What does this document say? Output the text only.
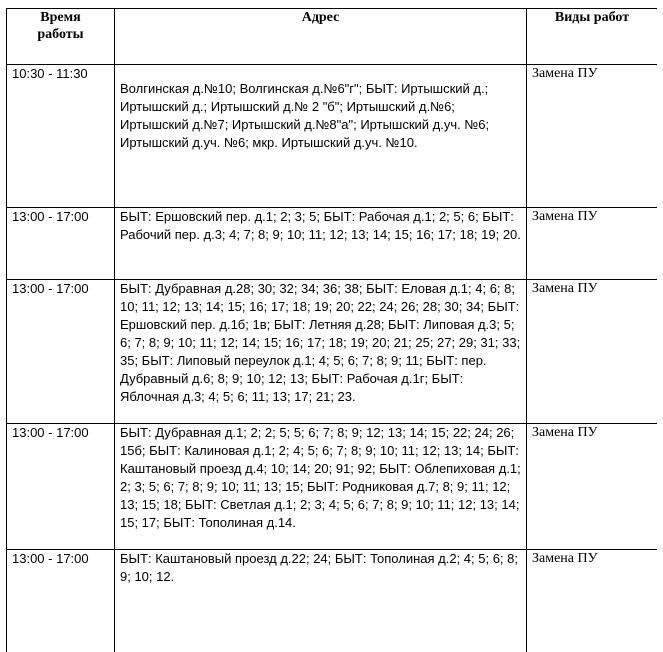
Время
работы	Адрес	Виды работ
10:30 - 11:30	Волгинская д.№10; Волгинская д.№6"г"; БЫТ: Иртышский д.; Иртышский д.; Иртышский д.№ 2 "б"; Иртышский д.№6; Иртышский д.№7; Иртышский д.№8"а"; Иртышский д.уч. №6; Иртышский д.уч. №6; мкр. Иртышский д.уч. №10.	Замена ПУ
13:00 - 17:00	БЫТ: Ершовский пер. д.1; 2; 3; 5; БЫТ: Рабочая д.1; 2; 5; 6; БЫТ: Рабочий пер. д.3; 4; 7; 8; 9; 10; 11; 12; 13; 14; 15; 16; 17; 18; 19; 20.	Замена ПУ
13:00 - 17:00	БЫТ: Дубравная д.28; 30; 32; 34; 36; 38; БЫТ: Еловая д.1; 4; 6; 8; 10; 11; 12; 13; 14; 15; 16; 17; 18; 19; 20; 22; 24; 26; 28; 30; 34; БЫТ: Ершовский пер. д.1б; 1в; БЫТ: Летняя д.28; БЫТ: Липовая д.3; 5; 6; 7; 8; 9; 10; 11; 12; 14; 15; 16; 17; 18; 19; 20; 21; 25; 27; 29; 31; 33; 35; БЫТ: Липовый переулок д.1; 4; 5; 6; 7; 8; 9; 11; БЫТ: пер. Дубравный д.6; 8; 9; 10; 12; 13; БЫТ: Рабочая д.1г; БЫТ: Яблочная д.3; 4; 5; 6; 11; 13; 17; 21; 23.	Замена ПУ
13:00 - 17:00	БЫТ: Дубравная д.1; 2; 2; 5; 5; 6; 7; 8; 9; 12; 13; 14; 15; 22; 24; 26; 15б; БЫТ: Калиновая д.1; 2; 4; 5; 6; 7; 8; 9; 10; 11; 12; 13; 14; БЫТ: Каштановый проезд д.4; 10; 14; 20; 91; 92; БЫТ: Облепиховая д.1; 2; 3; 5; 6; 7; 8; 9; 10; 11; 13; 15; БЫТ: Родниковая д.7; 8; 9; 11; 12; 13; 15; 18; БЫТ: Светлая д.1; 2; 3; 4; 5; 6; 7; 8; 9; 10; 11; 12; 13; 14; 15; 17; БЫТ: Тополиная д.14.	Замена ПУ
13:00 - 17:00	БЫТ: Каштановый проезд д.22; 24; БЫТ: Тополиная д.2; 4; 5; 6; 8; 9; 10; 12.	Замена ПУ
